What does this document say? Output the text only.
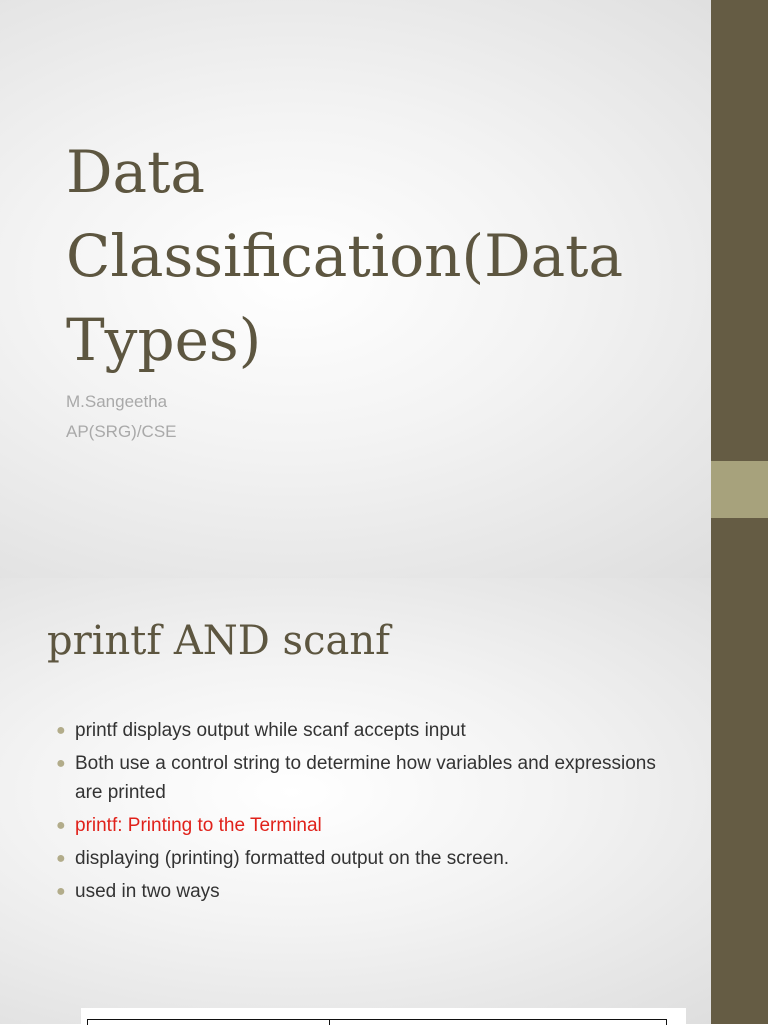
Data Classification(Data Types)
M.Sangeetha
AP(SRG)/CSE
printf AND scanf
● printf displays output while scanf accepts input
● Both use a control string to determine how variables and expressions are printed
● printf: Printing to the Terminal
● displaying (printing) formatted output on the screen.
● used in two ways
